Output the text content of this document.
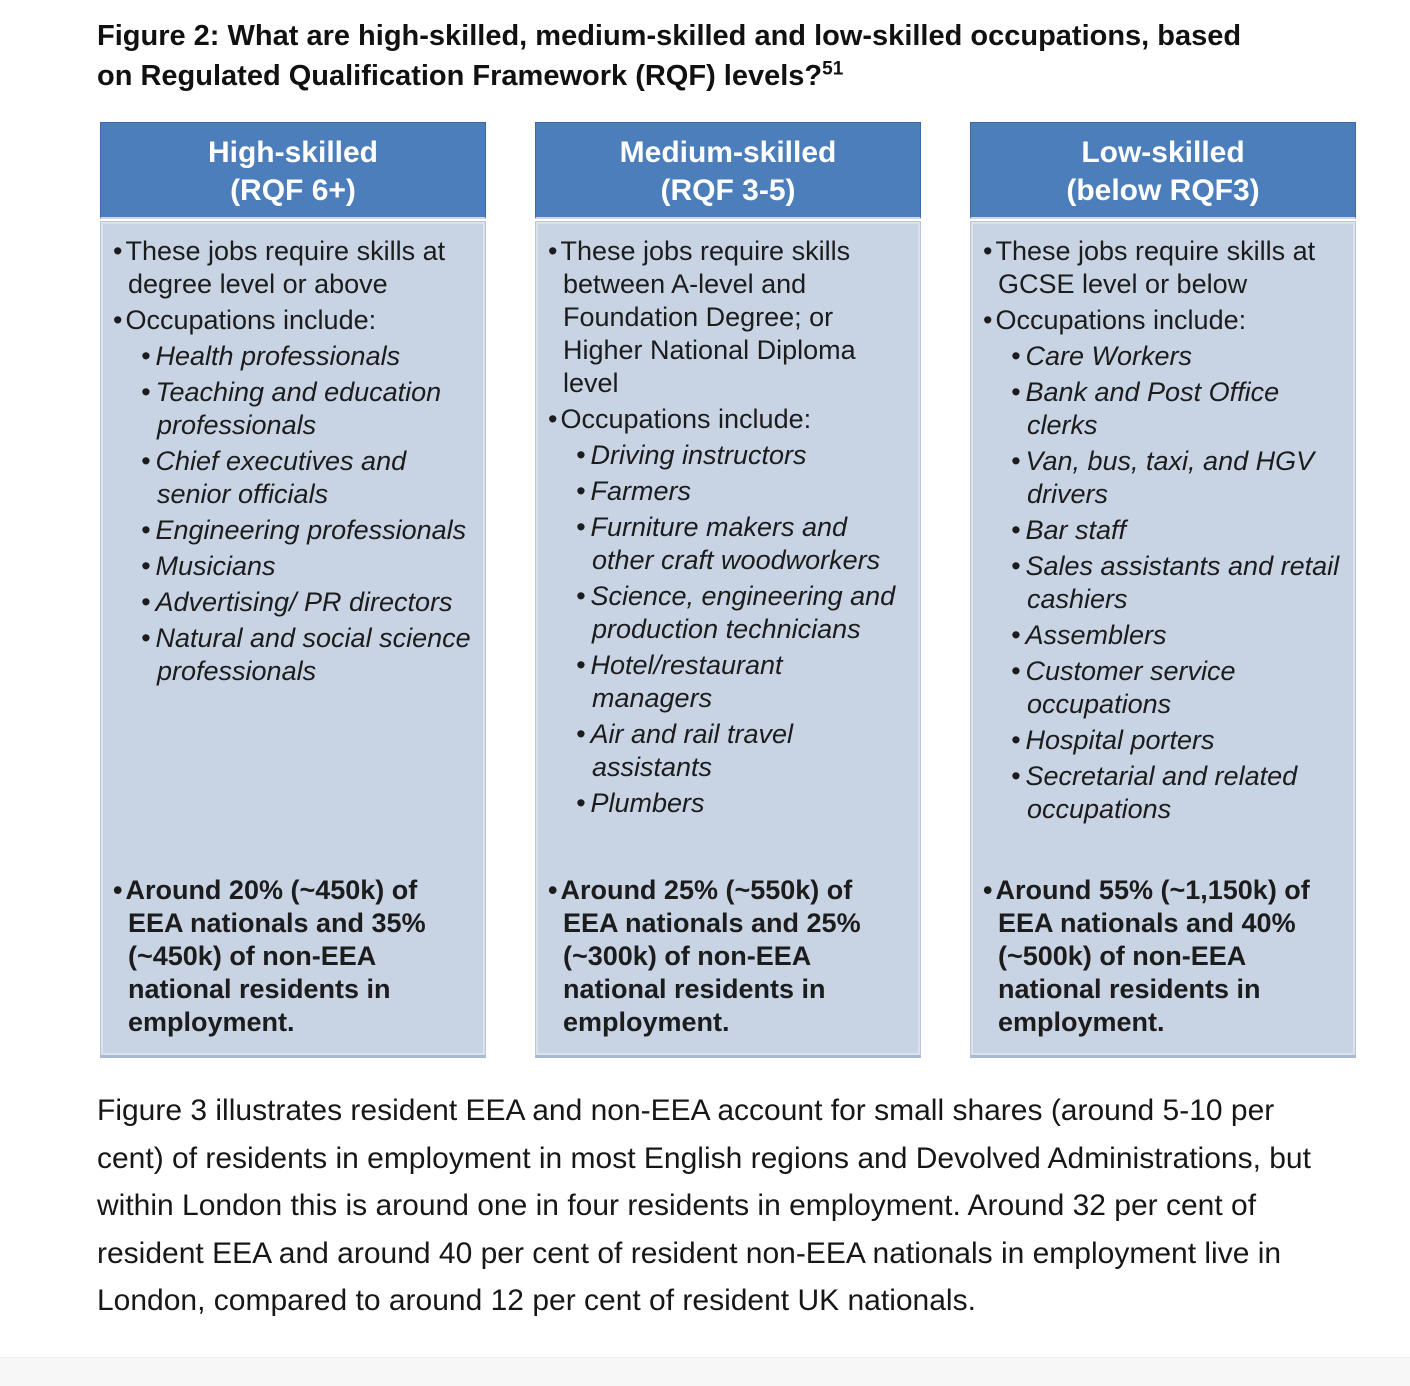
Figure 2: What are high-skilled, medium-skilled and low-skilled occupations, based on Regulated Qualification Framework (RQF) levels?$^{51}$
High-skilled
(RQF 6+)
• These jobs require skills at degree level or above
• Occupations include:
• Health professionals
• Teaching and education professionals
• Chief executives and senior officials
• Engineering professionals
• Musicians
• Advertising/ PR directors
• Natural and social science professionals
• Around 20% (~450k) of EEA nationals and 35% (~450k) of non-EEA national residents in employment.
Medium-skilled
(RQF 3-5)
• These jobs require skills between A-level and Foundation Degree; or Higher National Diploma level
• Occupations include:
• Driving instructors
• Farmers
• Furniture makers and other craft woodworkers
• Science, engineering and production technicians
• Hotel/restaurant managers
• Air and rail travel assistants
• Plumbers
• Around 25% (~550k) of EEA nationals and 25% (~300k) of non-EEA national residents in employment.
Low-skilled
(below RQF3)
• These jobs require skills at GCSE level or below
• Occupations include:
• Care Workers
• Bank and Post Office clerks
• Van, bus, taxi, and HGV drivers
• Bar staff
• Sales assistants and retail cashiers
• Assemblers
• Customer service occupations
• Hospital porters
• Secretarial and related occupations
• Around 55% (~1,150k) of EEA nationals and 40% (~500k) of non-EEA national residents in employment.

Figure 3 illustrates resident EEA and non-EEA account for small shares (around 5-10 per cent) of residents in employment in most English regions and Devolved Administrations, but within London this is around one in four residents in employment. Around 32 per cent of resident EEA and around 40 per cent of resident non-EEA nationals in employment live in London, compared to around 12 per cent of resident UK nationals.
